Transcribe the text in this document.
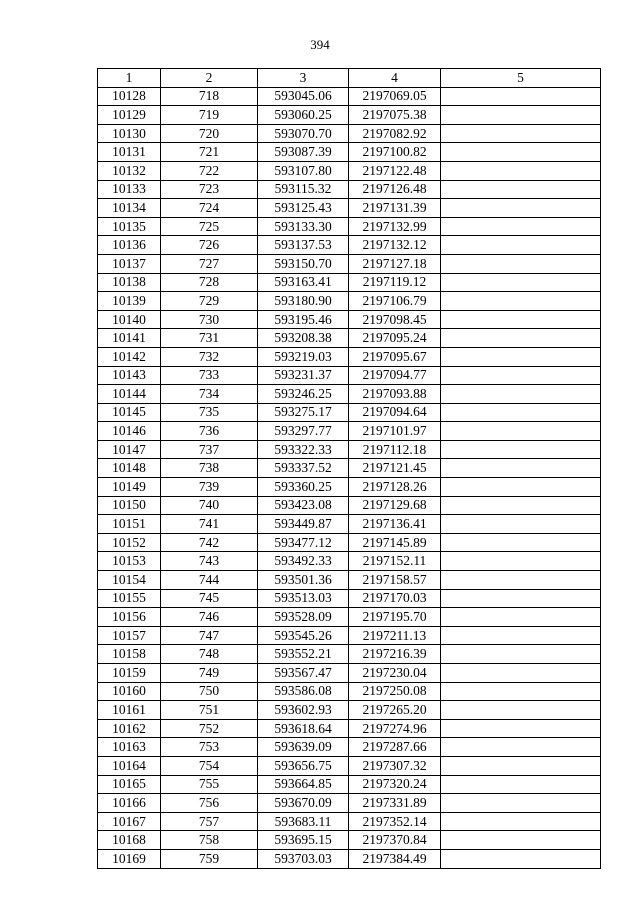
394
1	2	3	4	5
10128	718	593045.06	2197069.05	
10129	719	593060.25	2197075.38	
10130	720	593070.70	2197082.92	
10131	721	593087.39	2197100.82	
10132	722	593107.80	2197122.48	
10133	723	593115.32	2197126.48	
10134	724	593125.43	2197131.39	
10135	725	593133.30	2197132.99	
10136	726	593137.53	2197132.12	
10137	727	593150.70	2197127.18	
10138	728	593163.41	2197119.12	
10139	729	593180.90	2197106.79	
10140	730	593195.46	2197098.45	
10141	731	593208.38	2197095.24	
10142	732	593219.03	2197095.67	
10143	733	593231.37	2197094.77	
10144	734	593246.25	2197093.88	
10145	735	593275.17	2197094.64	
10146	736	593297.77	2197101.97	
10147	737	593322.33	2197112.18	
10148	738	593337.52	2197121.45	
10149	739	593360.25	2197128.26	
10150	740	593423.08	2197129.68	
10151	741	593449.87	2197136.41	
10152	742	593477.12	2197145.89	
10153	743	593492.33	2197152.11	
10154	744	593501.36	2197158.57	
10155	745	593513.03	2197170.03	
10156	746	593528.09	2197195.70	
10157	747	593545.26	2197211.13	
10158	748	593552.21	2197216.39	
10159	749	593567.47	2197230.04	
10160	750	593586.08	2197250.08	
10161	751	593602.93	2197265.20	
10162	752	593618.64	2197274.96	
10163	753	593639.09	2197287.66	
10164	754	593656.75	2197307.32	
10165	755	593664.85	2197320.24	
10166	756	593670.09	2197331.89	
10167	757	593683.11	2197352.14	
10168	758	593695.15	2197370.84	
10169	759	593703.03	2197384.49	
